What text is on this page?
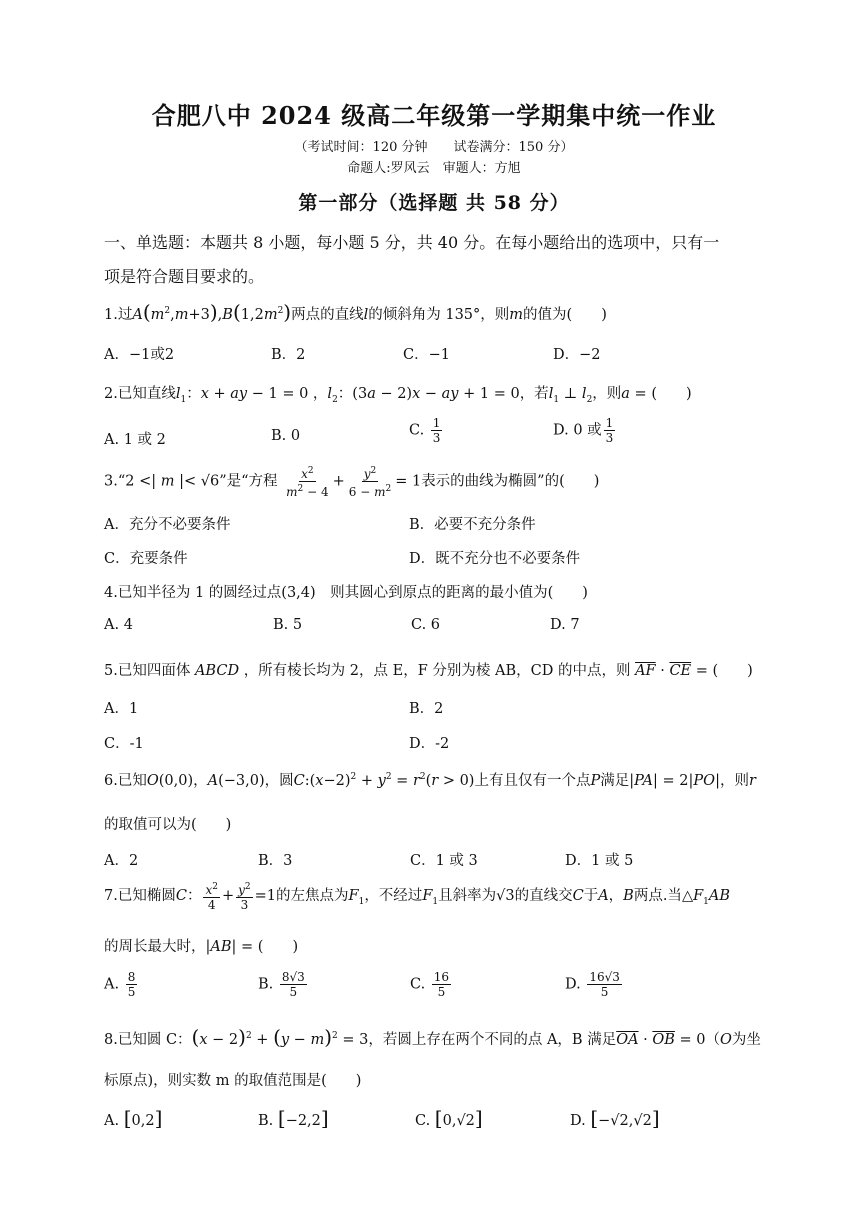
合肥八中 2024 级高二年级第一学期集中统一作业
（考试时间：120 分钟　　试卷满分：150 分）
命题人:罗风云　审题人：方旭
第一部分（选择题 共 58 分）
一、单选题：本题共 8 小题，每小题 5 分，共 40 分。在每小题给出的选项中，只有一
项是符合题目要求的。
1.过$A(m^2,m+3),B(1,2m^2)$两点的直线l的倾斜角为 135°，则m的值为(　　)
A．−1或2	B．2	C．−1	D．−2
2.已知直线$l_1$：x + ay − 1 = 0 ，$l_2$：(3a − 2)x − ay + 1 = 0，若$l_1$ ⊥ $l_2$，则a = (　　)
A. 1 或 2	B. 0	C. $\frac{1}{3}$	D. 0 或 $\frac{1}{3}$
3.“2 <| m |< √6”是“方程 $\frac{x^2}{m^2 - 4} + \frac{y^2}{6 - m^2} = 1$表示的曲线为椭圆”的(　　)
A．充分不必要条件	B．必要不充分条件
C．充要条件	D．既不充分也不必要条件
4.已知半径为 1 的圆经过点(3,4)　则其圆心到原点的距离的最小值为(　　)
A. 4	B. 5	C. 6	D. 7
5.已知四面体 ABCD ，所有棱长均为 2，点 E，F 分别为棱 AB，CD 的中点，则 $\overline{AF} \cdot \overline{CE}$ = (　　)
A．1	B．2
C．-1	D．-2
6.已知O(0,0)，A(−3,0)，圆$C:(x-2)^2 + y^2 = r^2(r > 0)$上有且仅有一个点P满足|PA| = 2|PO|，则r
的取值可以为(　　)
A．2	B．3	C．1 或 3	D．1 或 5
7.已知椭圆C： $\frac{x^2}{4} + \frac{y^2}{3} =1$的左焦点为$F_1$，不经过$F_1$且斜率为√3的直线交C于A，B两点.当$\triangle F_1AB$
的周长最大时，|AB| = (　　)
A. $\frac{8}{5}$	B. $\frac{8√3}{5}$	C. $\frac{16}{5}$	D. $\frac{16√3}{5}$
8.已知圆 C：$(x - 2)^2 + (y - m)^2 = 3$，若圆上存在两个不同的点 A，B 满足$\overline{OA} \cdot \overline{OB} = 0(O$为坐
标原点)，则实数 m 的取值范围是(　　)
A. [0,2]	B. [−2,2]	C. [0,√2]	D. [−√2,√2]
